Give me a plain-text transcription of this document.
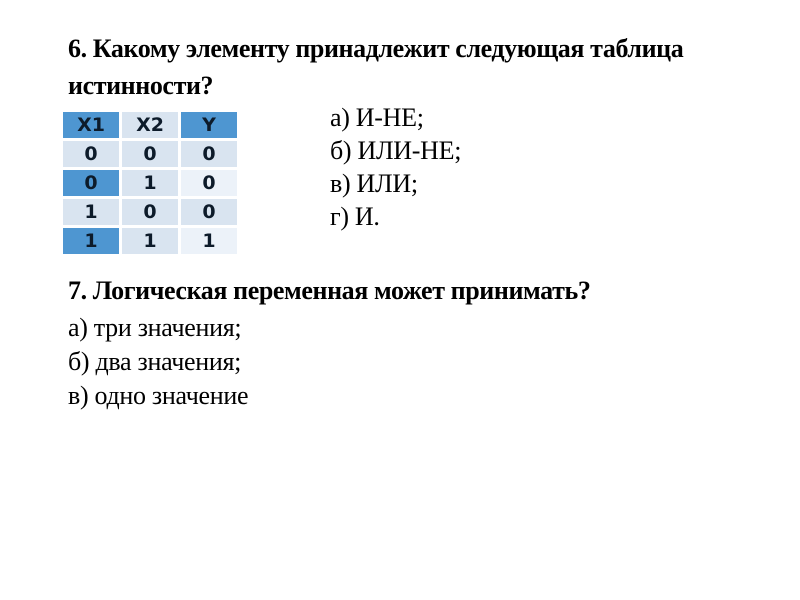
6. Какому элементу принадлежит следующая таблица
истинности?
X1	X2	Y
0	0	0
0	1	0
1	0	0
1	1	1
а) И-НЕ;
б) ИЛИ-НЕ;
в) ИЛИ;
г) И.
7. Логическая переменная может принимать?
а) три значения;
б) два значения;
в) одно значение
